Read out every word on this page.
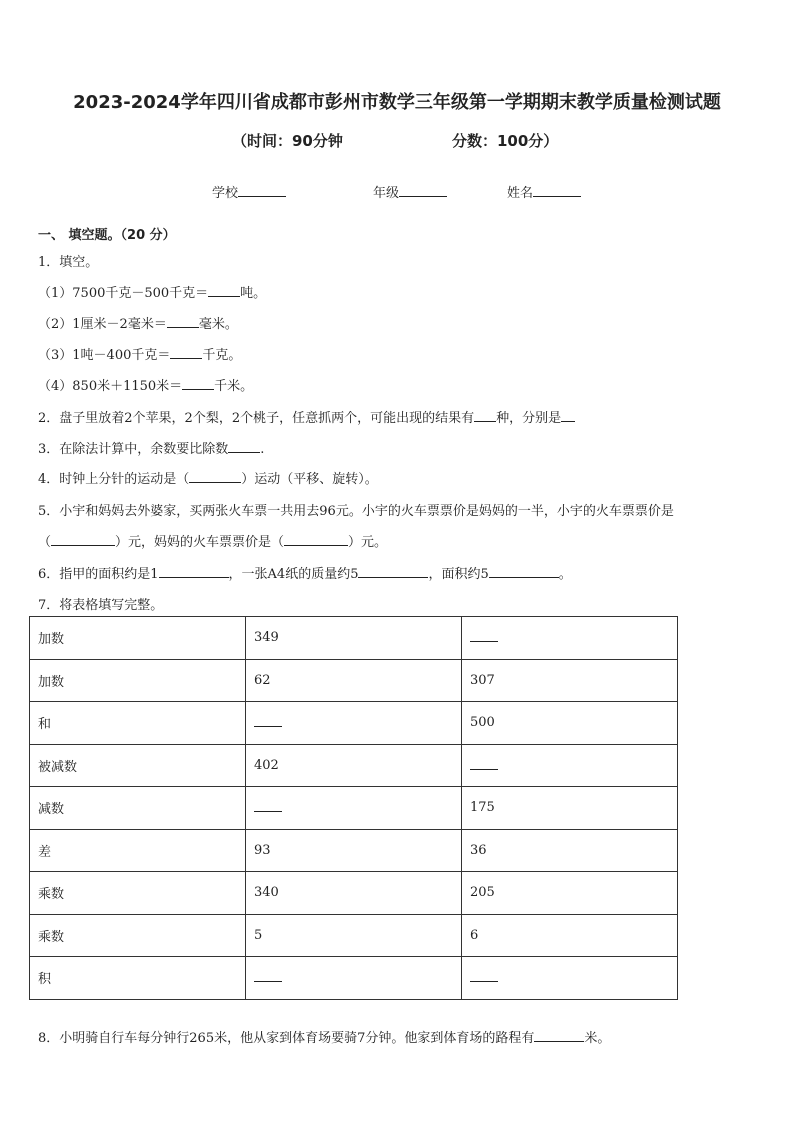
2023-2024学年四川省成都市彭州市数学三年级第一学期期末教学质量检测试题
（时间：90分钟	分数：100分）
学校	年级	姓名
一、 填空题。（20 分）
1．填空。
（1）7500千克－500千克＝ 吨。
（2）1厘米－2毫米＝ 毫米。
（3）1吨－400千克＝ 千克。
（4）850米＋1150米＝ 千米。
2．盘子里放着2个苹果，2个梨，2个桃子，任意抓两个，可能出现的结果有 种，分别是
3．在除法计算中，余数要比除数 .
4．时钟上分针的运动是（	）运动（平移、旋转）。
5．小宇和妈妈去外婆家，买两张火车票一共用去96元。小宇的火车票票价是妈妈的一半，小宇的火车票票价是
（	）元，妈妈的火车票票价是（	）元。
6．指甲的面积约是1	，一张A4纸的质量约5	，面积约5	。
7．将表格填写完整。
加数	349	
加数	62	307
和		500
被减数	402	
减数		175
差	93	36
乘数	340	205
乘数	5	6
积		
8．小明骑自行车每分钟行265米，他从家到体育场要骑7分钟。他家到体育场的路程有	米。
